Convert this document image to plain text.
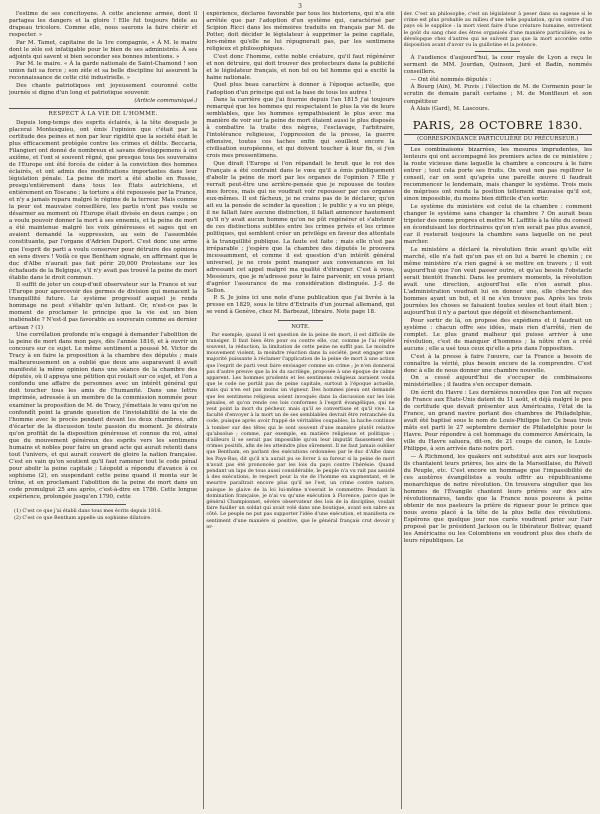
3

l'estime de ses concitoyens. À cette ancienne armée, dont il partagea les dangers et la gloire ! Elle fut toujours fidèle au drapeau tricolore. Comme elle, nous saurons la faire chérir et respecter. »

Par M. Tamet, capitaine de la 1re compagnie, « À M. le maire dont le zèle est infatigable pour le bien de ses administrés. À ses adjoints qui savent si bien seconder ses bonnes intentions. »

Par M. le maire. « À la garde nationale de Saint-Chamond ! son union fait sa force ; son zèle et sa belle discipline lui assurent la reconnaissance de cette cité industrielle. »

Des chants patriotiques ont joyeusement couronné cette journée si digne d'un long et patriotique souvenir.

(Article communiqué.)
RESPECT À LA VIE DE L'HOMME.

Depuis long-temps des esprits éclairés, à la tête desquels je placerai Montesquieu, ont émis l'opinion que c'était par la certitude des peines et non par leur rigidité que la société était le plus efficacement protégée contre les crimes et délits. Beccaria, Filangieri ont donné de nombreux et savans développemens à cet axiôme, et l'ont si souvent rêgné, que presque tous les souverains de l'Europe ont été forcés de céder à la conviction des hommes éclairés, et ont admis des modifications importantes dans leur législation pénale. La peine de mort a été abolie en Russie, presqu'entièrement dans tous les États autrichiens, et entièrement en Toscane ; la torture a été repoussée par la France, et n'y a jamais reparu malgré le régime de la terreur. Mais comme la peur est mauvaise conseillère, les partis n'ont pas voulu se désarmer au moment où l'Europe était divisée en deux camps ; on a voulu pouvoir donner la mort à ses ennemis, et la peine de mort a été maintenue malgré les voix généreuses et sages qui en avaient demandé la suppression, au sein de l'assemblée constituante, par l'organe d'Adrien Duport. C'est donc une arme que l'esprit de parti a voulu conserver pour détruire des opinions en sens divers ! Voilà ce que Bentham signale, en affirmant que le duc d'Albe n'aurait pas fait périr 20,000 Protestans sur les échafauds de la Belgique, s'il n'y avait pas trouvé la peine de mort établie dans le droit commun.

Il suffit de jeter un coup-d'œil observateur sur la France et sur l'Europe pour apercevoir des germes de division qui menacent la tranquillité future. Le système progressif auquel je rends hommage ne peut s'établir qu'en luttant. Or, n'est-ce pas le moment de proclamer le principe que la vie est un bien inaliénable ? N'est-il pas favorable au souverain comme au dernier artisan ? (1)

Une corrélation profonde m'a engagé à demander l'abolition de la peine de mort dans mon pays, dès l'année 1816, et à ouvrir un concours sur ce sujet. Le même sentiment a poussé M. Victor de Tracy à en faire la proposition à la chambre des députés ; mais malheureusement on a oublié que deux ans auparavant il avait manifesté la même opinion dans une séance de la chambre des députés, où il appuya une pétition qui roulait sur ce sujet, et l'on a confondu une affaire de personnes avec un intérêt général qui doit toucher tous les amis de l'humanité. Dans une lettre imprimée, adressée à un membre de la commission nommée pour examiner la proposition de M. de Tracy, j'émettais le vœu qu'on ne confondît point la grande question de l'inviolabilité de la vie de l'homme avec le procès pendant devant les deux chambres, afin d'écarter de la discussion toute passion du moment. Je désirais qu'on profitât de la disposition généreuse et connue du roi, ainsi que du mouvement généreux des esprits vers les sentimens humains et nobles pour faire un grand acte qui aurait retenti dans tout l'univers, et qui aurait couvert de gloire la nation française. C'est en vain qu'on soutient qu'il faut ramener tout le code pénal pour abolir la peine capitale ; Léopold a répondu d'avance à ce sophisme (2), en suspendant cette peine quand il monta sur le trône, et en proclamant l'abolition de la peine de mort dans un code promulgué 25 ans après, c'est-à-dire en 1786. Cette longue expérience, prolongée jusqu'en 1790, cette

(1) C'est ce que j'ai établi dans tous mes écrits depuis 1816.

(2) C'est ce que Bentham appelle un sophisme dilatoire.

expérience, déclarée favorable par tous les historiens, qui n'a été arrêtée que par l'adoption d'un système qui, caractérisé par Scipion Ricci dans les mémoires traduits en français par M. de Potter, doit décider le législateur à supprimer la peine capitale, lors-même qu'elle ne lui répugnerait pas, par les sentimens religieux et philosophiques.

C'est donc l'homme, cette noble créature, qu'il faut régénérer et non détruire, qui doit trouver des protecteurs dans la publicité et le législateur français, et non tel ou tel homme qui a excité la haine nationale.

Quel plus beau caractère à donner à l'époque actuelle, que l'adoption d'un principe qui est la base de tous les autres !

Dans la carrière que j'ai fournie depuis l'an 1815 j'ai toujours remarqué que les hommes qui respectaient le plus la vie de leurs semblables, que les hommes sympathisaient le plus avec ma manière de voir sur la peine de mort étaient aussi le plus disposés à combattre la traite des nègres, l'esclavage, l'arbitraire, l'intolérance religieuse, l'oppression de la presse, la guerre offensive, toutes ces taches enfin qui souillent encore la civilisation européenne, et qui doivent toucher à leur fin, si j'en crois mes pressentimens.

Que dirait l'Europe si l'on répandait le bruit que le roi des Français a été contraint dans le vœu qu'il a émis publiquement d'abolir la peine de mort par les organes de l'opinion ? Elle y verrait peut-être une arrière-pensée que je repousse de toutes mes forces, mais qui ne voudrait voir repousser par ces organes eux-mêmes. Il est fâcheux, je ne crains pas de le déclarer, qu'on ait eu la pensée de scinder la question ; le public y a vu un piège, il ne fallait faire aucune distinction, il fallait annoncer hautement qu'il n'y avait aucun homme qu'on ne pût regénérer et s'abstenir de ces distinctions subtiles entre les crimes privés et les crimes politiques, qui semblent créer un privilège en faveur des attentats à la tranquillité publique. La faute est faite ; mais elle n'est pas irréparable ; j'espère que la chambre des députés le prouvera incessamment, et comme il est question d'un intérêt général universel, je ne crois point manquer aux convenances en lui adressant cet appel malgré ma qualité d'étranger. C'est à vous, Messieurs, que je m'adresse pour le faire parvenir, en vous priant d'agréer l'assurance de ma considération distinguée. J.-J. de Sellon.

P. S. Je joins ici une note d'une publication que j'ai livrée à la presse en 1829, sous le titre d'Extraits d'un journal allemand, qui se vend à Genève, chez M. Barbezat, libraire. Note page 18.

NOTE.

Par exemple, quand il est question de la peine de mort, il est difficile de transiger. Il faut bien être pour ou contre elle, car, comme je l'ai répété souvent, la réduction, la limitation de cette peine ne suffit pas. Le moindre mouvement violent, la moindre réaction dans la société, peut engager une majorité puissante à réclamer l'application de la peine de mort à une action que l'esprit de parti veut faire envisager comme un crime ; je n'en donnerai pas d'autre preuve que la loi du sacrilège, proposée à une époque de calme apparent. Les hommes prudents et les sentimens religieux auraient voulu que le code ne portât pas de peine capitale, surtout à l'époque actuelle, mais qui n'en est pas moins un vigneur. Des hommes pieux ont demandé que les sentimens religieux soient invoqués dans la discussion sur les lois pénales, et qu'on rende ces lois conformes à l'esprit évangélique, qui ne veut point la mort du pécheur, mais qu'il se convertisse et qu'il vive. La faculté d'envoyer à la mort un de ses semblables devrait être retranchée du code, puisque après avoir frappé de véritables coupables, la hache continue à tomber sur des têtes qui le sont souvent d'une manière plutôt relative qu'absolue ; comme, par exemple, en matière religieuse et politique ; d'ailleurs il se serait pas impossible qu'on leur imputât faussement des crimes positifs, afin de les atteindre plus sûrement. Il ne faut jamais oublier que Bentham, en parlant des exécutions ordonnées par le duc d'Albe dans les Pays-Bas, dit qu'il n'a aurait pu se livrer à sa fureur si la peine de mort n'avait pas été prononcée par les lois du pays contre l'hérésie. Quand pendant un laps de tous aussi considérable, le peuple n'a vu rait pas assisté à des exécutions, le respect pour la vie de l'homme en augmentant, et le meurtre paraîtrait encore plus qu'il ne l'est, un crime contre nature, puisque le glaive de la loi lui-même n'oserait le commettre. Pendant la domination française, je n'ai vu qu'une exécution à Florence, parce que le général Championnet, sévère observateur des lois de la discipline, voulait faire fusiller un soldat qui avait volé dans une boutique, avant son sabre au côté. Le peuple ne put pas supporter l'idée d'une exécution, et manifesta ce sentiment d'une manière si positive, que le général français crut devoir y or-

der. C'est un philosophe, c'est un législateur à peser dans sa sagesse si le crime est plus probable au milieu d'une telle population, qu'on contre d'un pays où le supplice : la mort vient faire d'une créature humaine, entretient le goût du sang chez des êtres organisés d'une manière particulière, ou le dévelopque chez d'autres qui ne suivent pas que la mort accordée cette disposition avant d'avoir vu la guillotine et la potence.

À l'audience d'aujourd'hui, la cour royale de Lyon a reçu le serment de MM. Jourdan, Quinson, Juré et Badin, nommés conseillers.

— Ont été nommés députés :

À Bourg (Ain), M. Puvis ; l'élection de M. de Cormenin pour le scrutin de demain paraît certaine ; M. de Montfleuri et son compétiteur

À Alais (Gard), M. Lascours.

PARIS, 28 OCTOBRE 1830.
(CORRESPONDANCE PARTICULIÈRE DU PRÉCURSEUR.)

Les combinaisons bizarrées, les mesures imprudentes, les lenteurs qui ont accompagné les premiers actes de ce ministère ; la route vicieuse dans laquelle la chambre a concouru à le faire entrer ; tout cela porte ses fruits. On veut non pas repiltrer le conseil, car on sent qu'après une pareille œuvre il faudrait recommencer le lendemain, mais changer le système. Trois mois de méprises ont rendu la position tellement mauvaise qu'il est, sinon impossible, du moins bien difficile d'en sortir.

Le système du ministère est celui de la chambre : comment changer le système sans changer la chambre ? On aurait beau tripoter des noms propres et mettre M. Laffitte à la tête du conseil en éconduisant les doctrinaires qu'on n'en serait pas plus avancé, car il resterait toujours la chambre sans laquelle on ne peut marcher.

Le ministère a déclaré la révolution finie avant qu'elle eût marché, elle n'a fait qu'un pas et on lui a barré le chemin ; ce même ministère n'a rien gagné à se mettre en travers ; il voit aujourd'hui que l'on veut passer outre, et qu'au besoin l'obstacle serait bientôt franchi. Dans les premiers moments, la révolution avait une direction, aujourd'hui elle n'en aurait plus. L'administration voudrait lui en donner une, elle cherche des hommes ayant un but, et il ne s'en trouve pas. Après les trois journées les choses se faisaient toutes seules et tout était bien ; aujourd'hui il n'y a partout que dégoût et désenchantement.

Pour sortir de là, on propose des expédiens et il faudrait un système : chacun offre ses idées, mais rien d'arrêté, rien de complet. Le plus grand malheur qui puisse arriver à une révolution, c'est de manquer d'hommes ; la nôtre n'en a créé aucuns ; elle a usé tous ceux qu'elle a pris dans l'opposition.

C'est à la presse à faire l'œuvre, car la France a besoin de connaître la vérité, plus besoin encore de la comprendre. C'est donc à elle de nous donner une chambre nouvelle.

On a cessé aujourd'hui de s'occuper de combinaisons ministérielles ; il faudra s'en occuper demain.

On écrit du Havre : Les dernières nouvelles que l'on ait reçues de France aux États-Unis datent du 11 août, et déjà malgré le peu de certitude que devait présenter aux Américains, l'état de la France, un grand navire portant des chambres de Philadelphie, avait été baptisé sous le nom de Louis-Philippe Ier. Ce beau trois mâts est parti le 27 septembre dernier de Philadelphie pour le Havre. Pour répondre à cet hommage du commerce Américain, la ville du Havre saluera, dit-on, de 21 coups de canon, le Louis-Philippe, à son arrivée dans notre port.

— À Richmond, les quakers ont substitué aux airs sur lesquels ils chantaient leurs prières, les airs de la Marseillaise, du Réveil du Peuple, etc. C'est encore un hommage que l'impassibilité de ces austères évangélistes a voulu offrir au républicanisme monarchique de notre révolution. On trouvera singulier que les hommes de l'Évangile chantent leurs prières sur des airs révolutionnaires, tandis que la France nous pouvons à peine obtenir de nos pasteurs la prière de rigueur pour le prince que nous avons placé à la tête de la plus belle des révolutions. Espérons que quelque jour nos curés voudront prier sur l'air proposé par le président Jackson ou le libérateur Bolivar, quand les Américains ou les Colombiens en voudront plus des chefs de leurs républiques. Le
